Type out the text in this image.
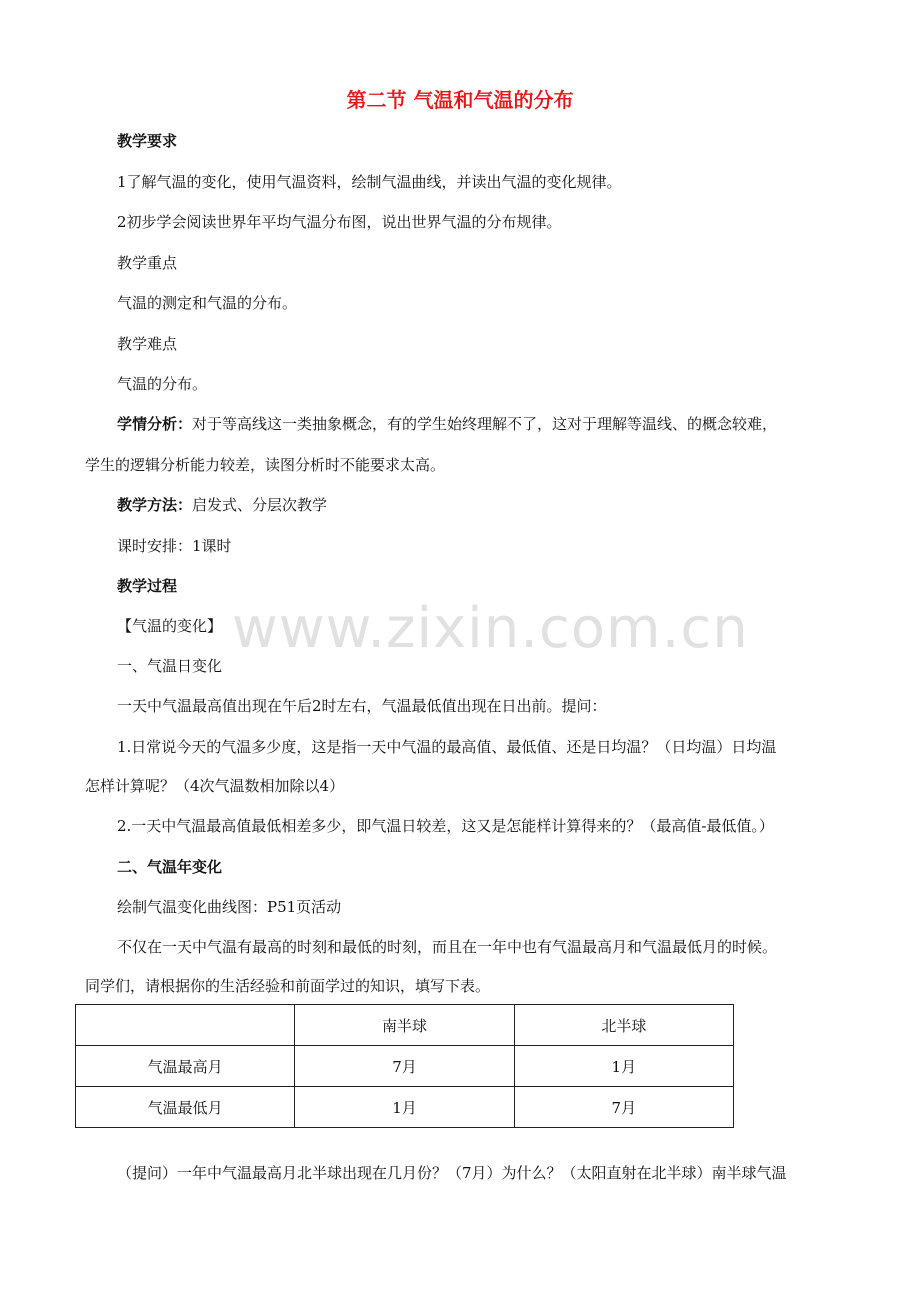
第二节 气温和气温的分布
教学要求
1了解气温的变化，使用气温资料，绘制气温曲线，并读出气温的变化规律。
2初步学会阅读世界年平均气温分布图，说出世界气温的分布规律。
教学重点
气温的测定和气温的分布。
教学难点
气温的分布。
学情分析：对于等高线这一类抽象概念，有的学生始终理解不了，这对于理解等温线、的概念较难，
学生的逻辑分析能力较差，读图分析时不能要求太高。
教学方法：启发式、分层次教学
课时安排：1课时
教学过程
【气温的变化】
一、气温日变化
一天中气温最高值出现在午后2时左右，气温最低值出现在日出前。提问：
1.日常说今天的气温多少度，这是指一天中气温的最高值、最低值、还是日均温？（日均温）日均温
怎样计算呢？（4次气温数相加除以4）
2.一天中气温最高值最低相差多少，即气温日较差，这又是怎能样计算得来的？（最高值-最低值。）
二、气温年变化
绘制气温变化曲线图：P51页活动
不仅在一天中气温有最高的时刻和最低的时刻，而且在一年中也有气温最高月和气温最低月的时候。
同学们，请根据你的生活经验和前面学过的知识，填写下表。
	南半球	北半球
气温最高月	7月	1月
气温最低月	1月	7月
（提问）一年中气温最高月北半球出现在几月份？（7月）为什么？（太阳直射在北半球）南半球气温
www.zixin.com.cn
